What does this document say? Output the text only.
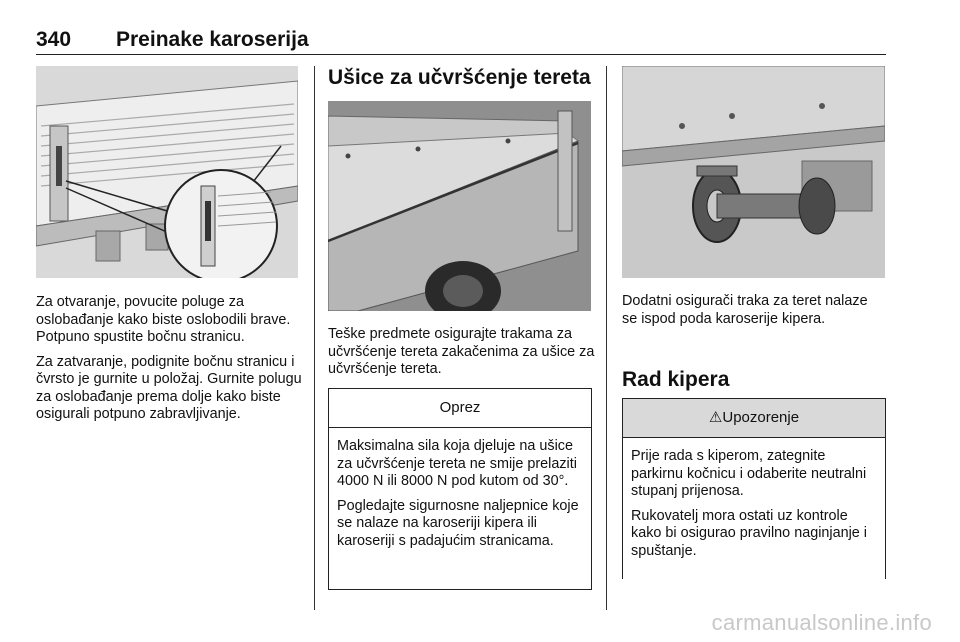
340 Preinake karoserija

Za otvaranje, povucite poluge za oslobađanje kako biste oslobodili brave. Potpuno spustite bočnu stranicu.

Za zatvaranje, podignite bočnu stranicu i čvrsto je gurnite u položaj. Gurnite polugu za oslobađanje prema dolje kako biste osigurali potpuno zabravljivanje.

Ušice za učvršćenje tereta

Teške predmete osigurajte trakama za učvršćenje tereta zakačenima za ušice za učvršćenje tereta.

Oprez

Maksimalna sila koja djeluje na ušice za učvršćenje tereta ne smije prelaziti 4000 N ili 8000 N pod kutom od 30°.

Pogledajte sigurnosne naljepnice koje se nalaze na karoseriji kipera ili karoseriji s padajućim stranicama.

Dodatni osigurači traka za teret nalaze se ispod poda karoserije kipera.

Rad kipera
⚠Upozorenje

Prije rada s kiperom, zategnite parkirnu kočnicu i odaberite neutralni stupanj prijenosa.

Rukovatelj mora ostati uz kontrole kako bi osigurao pravilno naginjanje i spuštanje.

carmanualsonline.info
